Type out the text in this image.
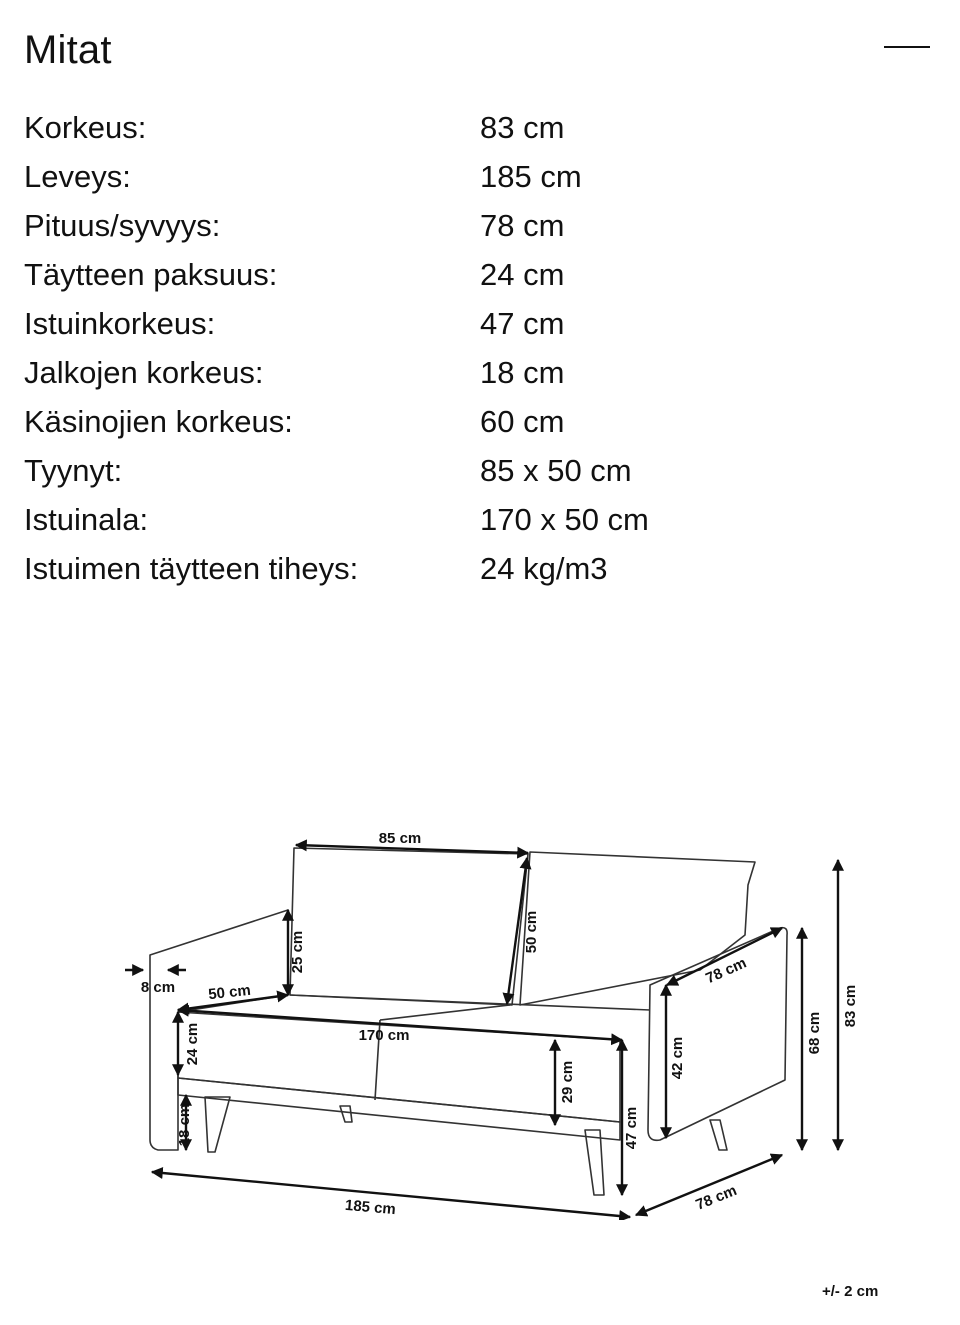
Mitat
Korkeus:	83 cm
Leveys:	185 cm
Pituus/syvyys:	78 cm
Täytteen paksuus:	24 cm
Istuinkorkeus:	47 cm
Jalkojen korkeus:	18 cm
Käsinojien korkeus:	60 cm
Tyynyt:	85 x 50 cm
Istuinala:	170 x 50 cm
Istuimen täytteen tiheys:	24 kg/m3
85 cm
50 cm
25 cm
8 cm 50 cm
170 cm
24 cm
29 cm
47 cm
18 cm
185 cm	78 cm
78 cm
42 cm
68 cm
83 cm
+/- 2 cm
